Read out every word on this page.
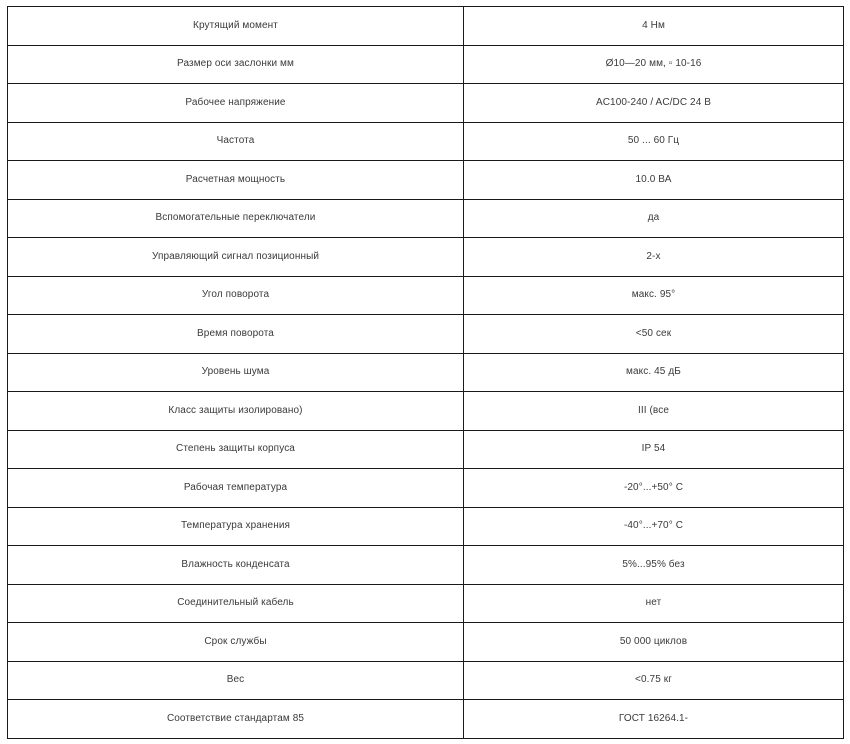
Крутящий момент	4 Нм
Размер оси заслонки мм	Ø10—20 мм, ▫ 10-16
Рабочее напряжение	AC100-240 / AC/DC 24 В
Частота	50 ... 60 Гц
Расчетная мощность	10.0 ВА
Вспомогательные переключатели	да
Управляющий сигнал позиционный	2-х
Угол поворота	макс. 95°
Время поворота	<50 сек
Уровень шума	макс. 45 дБ
Класс защиты изолировано)	III (все
Степень защиты корпуса	IP 54
Рабочая температура	-20°...+50° С
Температура хранения	-40°...+70° С
Влажность конденсата	5%...95% без
Соединительный кабель	нет
Срок службы	50 000 циклов
Вес	<0.75 кг
Соответствие стандартам 85	ГОСТ 16264.1-
